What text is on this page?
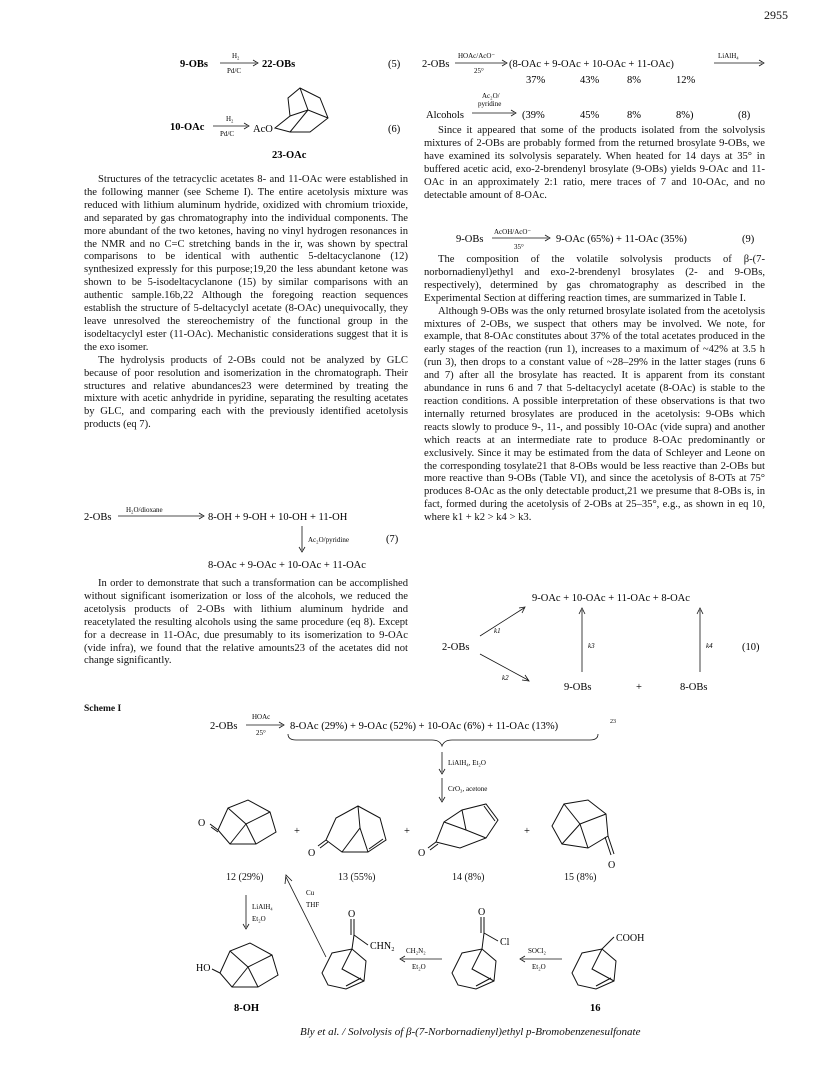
2955
9-OBs
H₂
Pd/C
22-OBs	(5)
10-OAc
H₂
Pd/C AcO
23-OAc
(6)

Structures of the tetracyclic acetates 8- and 11-OAc were established in the following manner (see Scheme I). The entire acetolysis mixture was reduced with lithium aluminum hydride, oxidized with chromium trioxide, and separated by gas chromatography into the individual components. The more abundant of the two ketones, having no vinyl hydrogen resonances in the NMR and no C=C stretching bands in the ir, was shown by spectral comparisons to be identical with authentic 5-deltacyclanone (12) synthesized expressly for this purpose;19,20 the less abundant ketone was shown to be 5-isodeltacyclanone (15) by similar comparisons with an authentic sample.16b,22 Although the foregoing reaction sequences establish the structure of 5-deltacyclyl acetate (8-OAc) unequivocally, they leave unresolved the stereochemistry of the functional group in the isodeltacyclyl ester (11-OAc). Mechanistic considerations suggest that it is the exo isomer.

The hydrolysis products of 2-OBs could not be analyzed by GLC because of poor resolution and isomerization in the chromatograph. Their structures and relative abundances23 were determined by treating the mixture with acetic anhydride in pyridine, separating the resulting acetates by GLC, and comparing each with the previously identified acetolysis products (eq 7).

2-OBs
H₂O/dioxane
8-OH + 9-OH + 10-OH + 11-OH
Ac₂O/pyridine	(7)
8-OAc + 9-OAc + 10-OAc + 11-OAc

In order to demonstrate that such a transformation can be accomplished without significant isomerization or loss of the alcohols, we reduced the acetolysis products of 2-OBs with lithium aluminum hydride and reacetylated the resulting alcohols using the same procedure (eq 8). Except for a decrease in 11-OAc, due presumably to its isomerization to 9-OAc (vide infra), we found that the relative amounts23 of the acetates did not change significantly.

2-OBs
HOAc/AcO⁻
25°
(8-OAc + 9-OAc + 10-OAc + 11-OAc)
LiAlH₄
37%	43%	8%	12%
Ac₂O/
pyridine
Alcohols	(39%	45%	8%	8%)	(8)

Since it appeared that some of the products isolated from the solvolysis mixtures of 2-OBs are probably formed from the returned brosylate 9-OBs, we have examined its solvolysis separately. When heated for 14 days at 35° in buffered acetic acid, exo-2-brendenyl brosylate (9-OBs) yields 9-OAc and 11-OAc in an approximately 2:1 ratio, mere traces of 7 and 10-OAc, and no detectable amount of 8-OAc.

9-OBs
AcOH/AcO⁻
35°
9-OAc (65%) + 11-OAc (35%)	(9)

The composition of the volatile solvolysis products of β-(7-norbornadienyl)ethyl and exo-2-brendenyl brosylates (2- and 9-OBs, respectively), determined by gas chromatography as described in the Experimental Section at differing reaction times, are summarized in Table I.

Although 9-OBs was the only returned brosylate isolated from the acetolysis mixtures of 2-OBs, we suspect that others may be involved. We note, for example, that 8-OAc constitutes about 37% of the total acetates produced in the early stages of the reaction (run 1), increases to a maximum of ~42% at 3.5 h (run 3), then drops to a constant value of ~28–29% in the latter stages (runs 6 and 7) after all the brosylate has reacted. It is apparent from its constant abundance in runs 6 and 7 that 5-deltacyclyl acetate (8-OAc) is stable to the reaction conditions. A possible interpretation of these observations is that two internally returned brosylates are produced in the acetolysis: 9-OBs which reacts slowly to produce 9-, 11-, and possibly 10-OAc (vide supra) and another which reacts at an intermediate rate to produce 8-OAc predominantly or exclusively. Since it may be estimated from the data of Schleyer and Leone on the corresponding tosylate21 that 8-OBs would be less reactive than 2-OBs but more reactive than 9-OBs (Table VI), and since the acetolysis of 8-OTs at 75° produces 8-OAc as the only detectable product,21 we presume that 8-OBs is, in fact, formed during the acetolysis of 2-OBs at 25–35°, e.g., as shown in eq 10, where k1 + k2 > k4 > k3.

9-OAc + 10-OAc + 11-OAc + 8-OAc
2-OBs
k1
k2
k3	k4	(10)
9-OBs	+	8-OBs
Scheme I
2-OBs
HOAc
25°
8-OAc (29%) + 9-OAc (52%) + 10-OAc (6%) + 11-OAc (13%)	23
LiAlH₄, Et₂O
CrO₃, acetone
O
+
O
+
O
+
O
12 (29%)	13 (55%)	14 (8%)	15 (8%)
LiAlH₄
Et₂O
Cu
THF
HO
8-OH
O
CHN₂ CH₂N₂
Et₂O
O
Cl
SOCl₂
Et₂O
COOH
16
Bly et al. / Solvolysis of β-(7-Norbornadienyl)ethyl p-Bromobenzenesulfonate
